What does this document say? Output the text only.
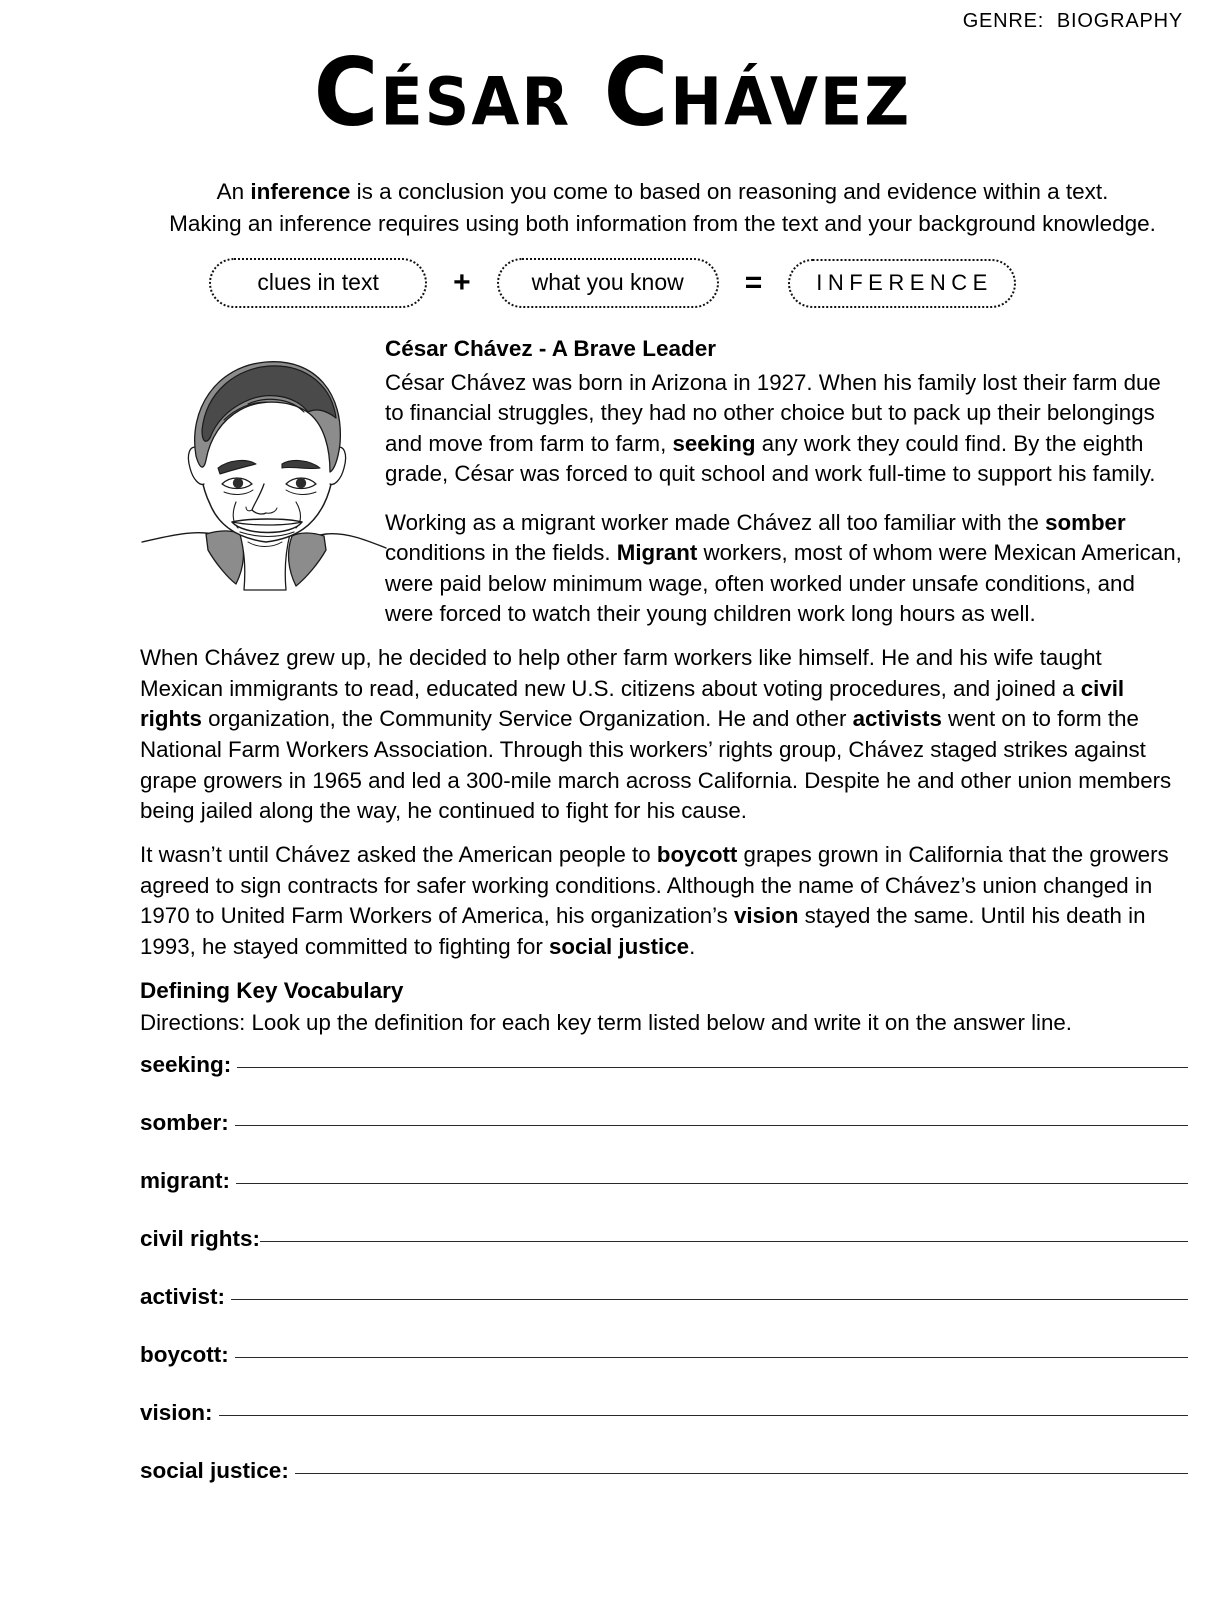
GENRE:  BIOGRAPHY
César Chávez
An inference is a conclusion you come to based on reasoning and evidence within a text.
Making an inference requires using both information from the text and your background knowledge.
clues in text	+	what you know	=	INFERENCE
César Chávez - A Brave Leader
César Chávez was born in Arizona in 1927. When his family lost their farm due to financial struggles, they had no other choice but to pack up their belongings and move from farm to farm, seeking any work they could find. By the eighth grade, César was forced to quit school and work full-time to support his family.
Working as a migrant worker made Chávez all too familiar with the somber conditions in the fields. Migrant workers, most of whom were Mexican American, were paid below minimum wage, often worked under unsafe conditions, and were forced to watch their young children work long hours as well.
When Chávez grew up, he decided to help other farm workers like himself. He and his wife taught Mexican immigrants to read, educated new U.S. citizens about voting procedures, and joined a civil rights organization, the Community Service Organization. He and other activists went on to form the National Farm Workers Association. Through this workers’ rights group, Chávez staged strikes against grape growers in 1965 and led a 300-mile march across California. Despite he and other union members being jailed along the way, he continued to fight for his cause.
It wasn’t until Chávez asked the American people to boycott grapes grown in California that the growers agreed to sign contracts for safer working conditions. Although the name of Chávez’s union changed in 1970 to United Farm Workers of America, his organization’s vision stayed the same. Until his death in 1993, he stayed committed to fighting for social justice.
Defining Key Vocabulary
Directions: Look up the definition for each key term listed below and write it on the answer line.
seeking:
somber:
migrant:
civil rights:
activist:
boycott:
vision:
social justice:
